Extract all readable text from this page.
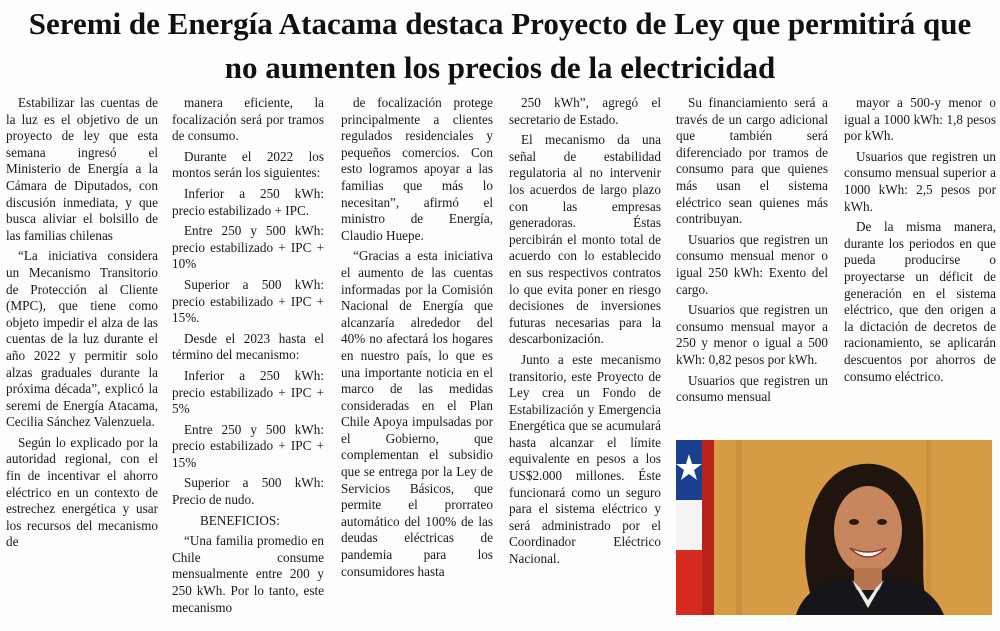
Seremi de Energía Atacama destaca Proyecto de Ley que permitirá que no aumenten los precios de la electricidad

Estabilizar las cuentas de la luz es el objetivo de un proyecto de ley que esta semana ingresó el Ministerio de Energía a la Cámara de Diputados, con discusión inmediata, y que busca aliviar el bolsillo de las familias chilenas

“La iniciativa considera un Mecanismo Transitorio de Protección al Cliente (MPC), que tiene como objeto impedir el alza de las cuentas de la luz durante el año 2022 y permitir solo alzas graduales durante la próxima década”, explicó la seremi de Energía Atacama, Cecilia Sánchez Valenzuela.

Según lo explicado por la autoridad regional, con el fin de incentivar el ahorro eléctrico en un contexto de estrechez energética y usar los recursos del mecanismo de

manera eficiente, la focalización será por tramos de consumo.

Durante el 2022 los montos serán los siguientes:

Inferior a 250 kWh: precio estabilizado + IPC.

Entre 250 y 500 kWh: precio estabilizado + IPC + 10%

Superior a 500 kWh: precio estabilizado + IPC + 15%.

Desde el 2023 hasta el término del mecanismo:

Inferior a 250 kWh: precio estabilizado + IPC + 5%

Entre 250 y 500 kWh: precio estabilizado + IPC + 15%

Superior a 500 kWh: Precio de nudo.

BENEFICIOS:

“Una familia promedio en Chile consume mensualmente entre 200 y 250 kWh. Por lo tanto, este mecanismo

de focalización protege principalmente a clientes regulados residenciales y pequeños comercios. Con esto logramos apoyar a las familias que más lo necesitan”, afirmó el ministro de Energía, Claudio Huepe.

“Gracias a esta iniciativa el aumento de las cuentas informadas por la Comisión Nacional de Energía que alcanzaría alrededor del 40% no afectará los hogares en nuestro país, lo que es una importante noticia en el marco de las medidas consideradas en el Plan Chile Apoya impulsadas por el Gobierno, que complementan el subsidio que se entrega por la Ley de Servicios Básicos, que permite el prorrateo automático del 100% de las deudas eléctricas de pandemia para los consumidores hasta

250 kWh”, agregó el secretario de Estado.

El mecanismo da una señal de estabilidad regulatoria al no intervenir los acuerdos de largo plazo con las empresas generadoras. Éstas percibirán el monto total de acuerdo con lo establecido en sus respectivos contratos lo que evita poner en riesgo decisiones de inversiones futuras necesarias para la descarbonización.

Junto a este mecanismo transitorio, este Proyecto de Ley crea un Fondo de Estabilización y Emergencia Energética que se acumulará hasta alcanzar el límite equivalente en pesos a los US$2.000 millones. Éste funcionará como un seguro para el sistema eléctrico y será administrado por el Coordinador Eléctrico Nacional.

Su financiamiento será a través de un cargo adicional que también será diferenciado por tramos de consumo para que quienes más usan el sistema eléctrico sean quienes más contribuyan.

Usuarios que registren un consumo mensual menor o igual 250 kWh: Exento del cargo.

Usuarios que registren un consumo mensual mayor a 250 y menor o igual a 500 kWh: 0,82 pesos por kWh.

Usuarios que registren un consumo mensual

mayor a 500-y menor o igual a 1000 kWh: 1,8 pesos por kWh.

Usuarios que registren un consumo mensual superior a 1000 kWh: 2,5 pesos por kWh.

De la misma manera, durante los periodos en que pueda producirse o proyectarse un déficit de generación en el sistema eléctrico, que den origen a la dictación de decretos de racionamiento, se aplicarán descuentos por ahorros de consumo eléctrico.
